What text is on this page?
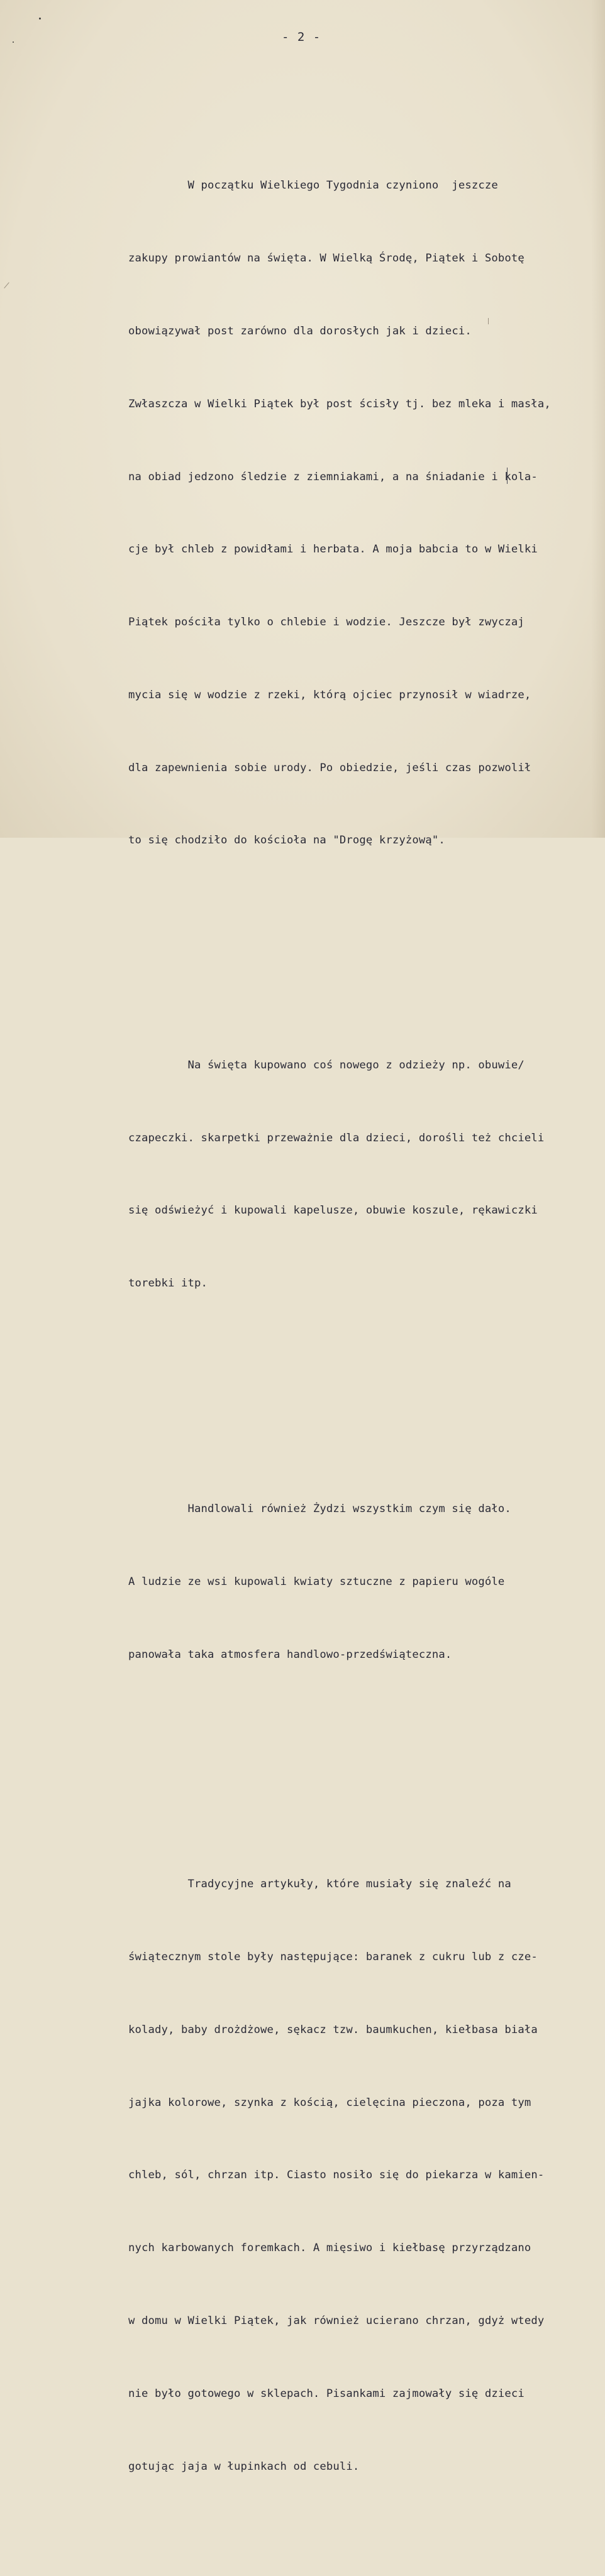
- 2 -

W początku Wielkiego Tygodnia czyniono  jeszcze

zakupy prowiantów na święta. W Wielką Środę, Piątek i Sobotę

obowiązywał post zarówno dla dorosłych jak i dzieci.

Zwłaszcza w Wielki Piątek był post ścisły tj. bez mleka i masła,

na obiad jedzono śledzie z ziemniakami, a na śniadanie i kola-

cje był chleb z powidłami i herbata. A moja babcia to w Wielki

Piątek pościła tylko o chlebie i wodzie. Jeszcze był zwyczaj

mycia się w wodzie z rzeki, którą ojciec przynosił w wiadrze,

dla zapewnienia sobie urody. Po obiedzie, jeśli czas pozwolił

to się chodziło do kościoła na "Drogę krzyżową".

Na święta kupowano coś nowego z odzieży np. obuwie/

czapeczki. skarpetki przeważnie dla dzieci, dorośli też chcieli

się odświeżyć i kupowali kapelusze, obuwie koszule, rękawiczki

torebki itp.

Handlowali również Żydzi wszystkim czym się dało.

A ludzie ze wsi kupowali kwiaty sztuczne z papieru wogóle

panowała taka atmosfera handlowo-przedświąteczna.

Tradycyjne artykuły, które musiały się znaleźć na

świątecznym stole były następujące: baranek z cukru lub z cze-

kolady, baby drożdżowe, sękacz tzw. baumkuchen, kiełbasa biała

jajka kolorowe, szynka z kością, cielęcina pieczona, poza tym

chleb, sól, chrzan itp. Ciasto nosiło się do piekarza w kamien-

nych karbowanych foremkach. A mięsiwo i kiełbasę przyrządzano

w domu w Wielki Piątek, jak również ucierano chrzan, gdyż wtedy

nie było gotowego w sklepach. Pisankami zajmowały się dzieci

gotując jaja w łupinkach od cebuli.
